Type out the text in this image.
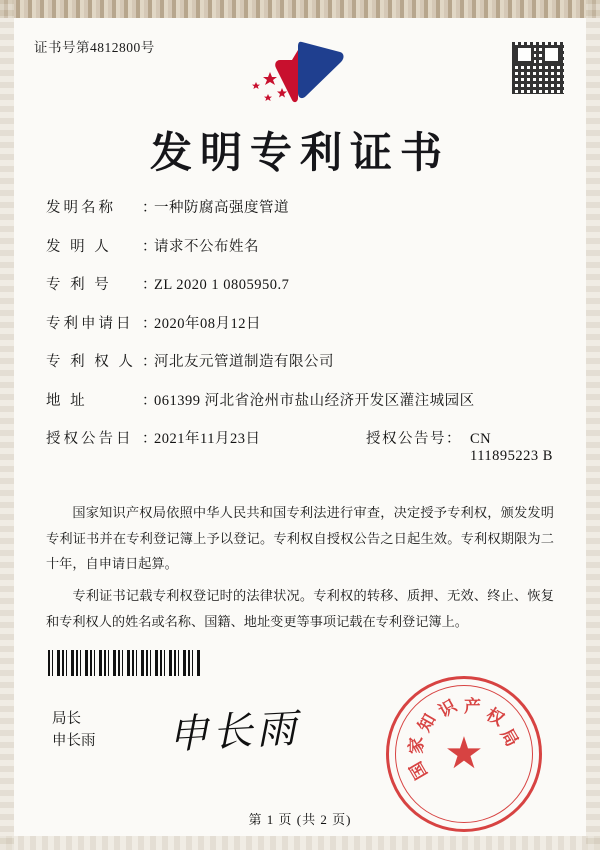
证书号第4812800号
发明专利证书
发明名称	：
一种防腐高强度管道
发 明 人	：
请求不公布姓名
专 利 号	：
ZL 2020 1 0805950.7
专利申请日 ：
2020年08月12日
专 利 权 人 ：
河北友元管道制造有限公司
地 址	：
061399 河北省沧州市盐山经济开发区灌注城园区
授权公告日 ：
2021年11月23日	授权公告号： CN 111895223 B

国家知识产权局依照中华人民共和国专利法进行审查，决定授予专利权，颁发发明专利证书并在专利登记簿上予以登记。专利权自授权公告之日起生效。专利权期限为二十年，自申请日起算。

专利证书记载专利权登记时的法律状况。专利权的转移、质押、无效、终止、恢复和专利权人的姓名或名称、国籍、地址变更等事项记载在专利登记簿上。

局长
申长雨 申长雨
国
家
知
识 产 权
局
★
第 1 页 (共 2 页)
